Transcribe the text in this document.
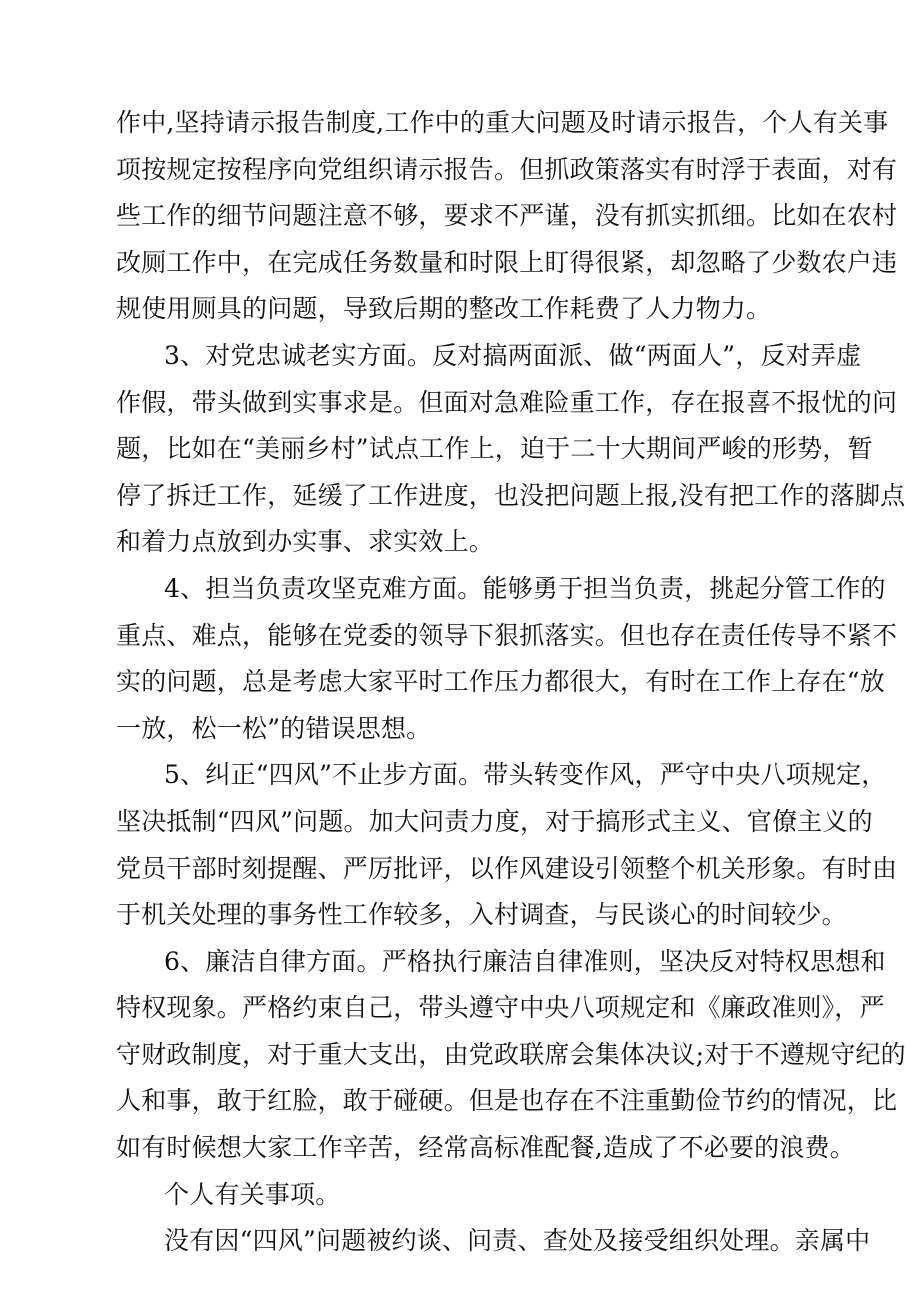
作中,坚持请示报告制度,工作中的重大问题及时请示报告，个人有关事
项按规定按程序向党组织请示报告。但抓政策落实有时浮于表面，对有
些工作的细节问题注意不够，要求不严谨，没有抓实抓细。比如在农村
改厕工作中，在完成任务数量和时限上盯得很紧，却忽略了少数农户违
规使用厕具的问题，导致后期的整改工作耗费了人力物力。
3、对党忠诚老实方面。反对搞两面派、做“两面人”，反对弄虚
作假，带头做到实事求是。但面对急难险重工作，存在报喜不报忧的问
题，比如在“美丽乡村”试点工作上，迫于二十大期间严峻的形势，暂
停了拆迁工作，延缓了工作进度，也没把问题上报,没有把工作的落脚点
和着力点放到办实事、求实效上。
4、担当负责攻坚克难方面。能够勇于担当负责，挑起分管工作的
重点、难点，能够在党委的领导下狠抓落实。但也存在责任传导不紧不
实的问题，总是考虑大家平时工作压力都很大，有时在工作上存在“放
一放，松一松”的错误思想。
5、纠正“四风”不止步方面。带头转变作风，严守中央八项规定，
坚决抵制“四风”问题。加大问责力度，对于搞形式主义、官僚主义的
党员干部时刻提醒、严厉批评，以作风建设引领整个机关形象。有时由
于机关处理的事务性工作较多，入村调查，与民谈心的时间较少。
6、廉洁自律方面。严格执行廉洁自律准则，坚决反对特权思想和
特权现象。严格约束自己，带头遵守中央八项规定和《廉政准则》，严
守财政制度，对于重大支出，由党政联席会集体决议;对于不遵规守纪的
人和事，敢于红脸，敢于碰硬。但是也存在不注重勤俭节约的情况，比
如有时候想大家工作辛苦，经常高标准配餐,造成了不必要的浪费。
个人有关事项。
没有因“四风”问题被约谈、问责、查处及接受组织处理。亲属中
